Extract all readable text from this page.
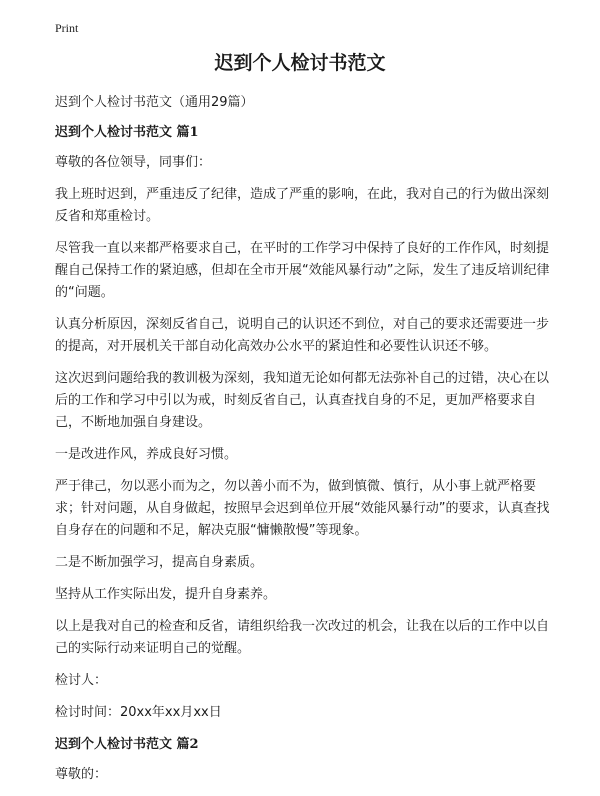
Print
迟到个人检讨书范文

迟到个人检讨书范文（通用29篇）

迟到个人检讨书范文 篇1

尊敬的各位领导，同事们：

我上班时迟到，严重违反了纪律，造成了严重的影响，在此，我对自己的行为做出深刻反省和郑重检讨。

尽管我一直以来都严格要求自己，在平时的工作学习中保持了良好的工作作风，时刻提醒自己保持工作的紧迫感，但却在全市开展“效能风暴行动”之际，发生了违反培训纪律的“问题。

认真分析原因，深刻反省自己，说明自己的认识还不到位，对自己的要求还需要进一步的提高，对开展机关干部自动化高效办公水平的紧迫性和必要性认识还不够。

这次迟到问题给我的教训极为深刻，我知道无论如何都无法弥补自己的过错，决心在以后的工作和学习中引以为戒，时刻反省自己，认真查找自身的不足，更加严格要求自己，不断地加强自身建设。

一是改进作风，养成良好习惯。

严于律己，勿以恶小而为之，勿以善小而不为，做到慎微、慎行，从小事上就严格要求；针对问题，从自身做起，按照早会迟到单位开展“效能风暴行动”的要求，认真查找自身存在的问题和不足，解决克服“慵懒散慢”等现象。

二是不断加强学习，提高自身素质。

坚持从工作实际出发，提升自身素养。

以上是我对自己的检查和反省，请组织给我一次改过的机会，让我在以后的工作中以自己的实际行动来证明自己的觉醒。

检讨人：

检讨时间：20xx年xx月xx日

迟到个人检讨书范文 篇2

尊敬的：
